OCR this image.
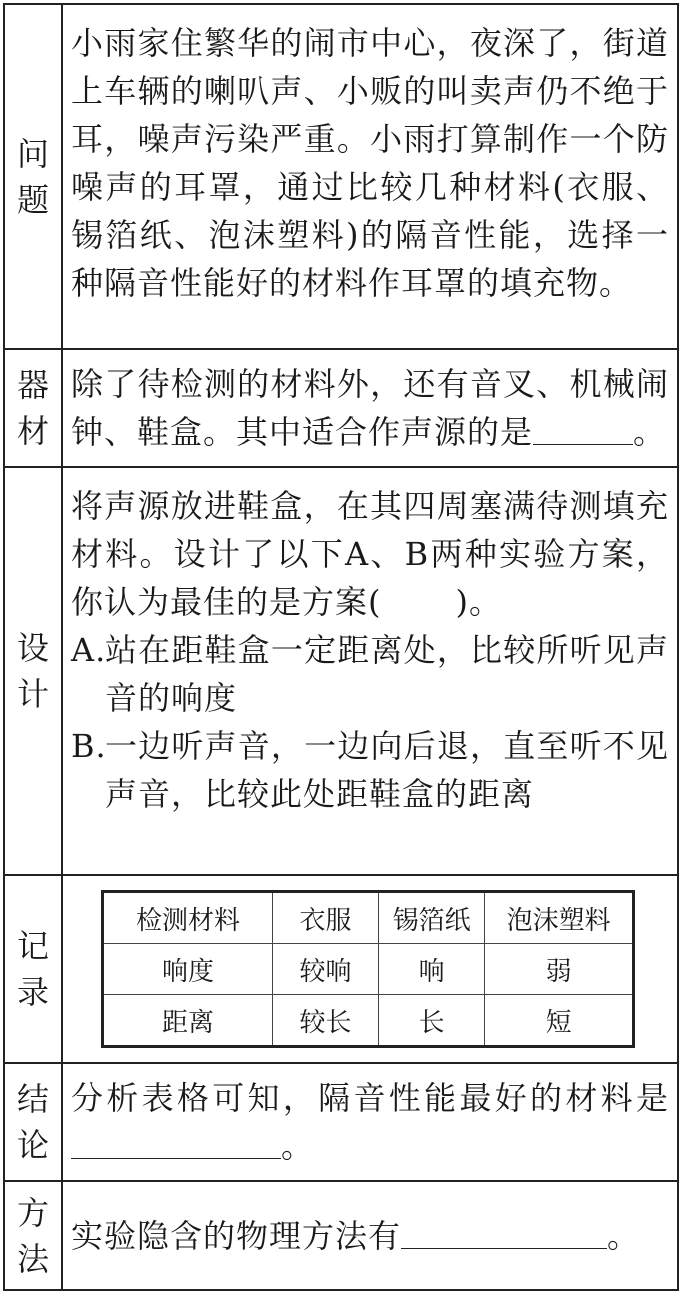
问题

小雨家住繁华的闹市中心，夜深了，街道上车辆的喇叭声、小贩的叫卖声仍不绝于耳，噪声污染严重。小雨打算制作一个防噪声的耳罩，通过比较几种材料(衣服、锡箔纸、泡沫塑料)的隔音性能，选择一种隔音性能好的材料作耳罩的填充物。

器材

除了待检测的材料外，还有音叉、机械闹钟、鞋盒。其中适合作声源的是	。

设计

将声源放进鞋盒，在其四周塞满待测填充材料。设计了以下A、B两种实验方案，你认为最佳的是方案( )。

A.
站在距鞋盒一定距离处，比较所听见声音的响度
B.
一边听声音，一边向后退，直至听不见声音，比较此处距鞋盒的距离
记录
检测材料	衣服	锡箔纸	泡沫塑料
响度	较响	响	弱
距离	较长	长	短
结论

分析表格可知，隔音性能最好的材料是。

方法

实验隐含的物理方法有	。
